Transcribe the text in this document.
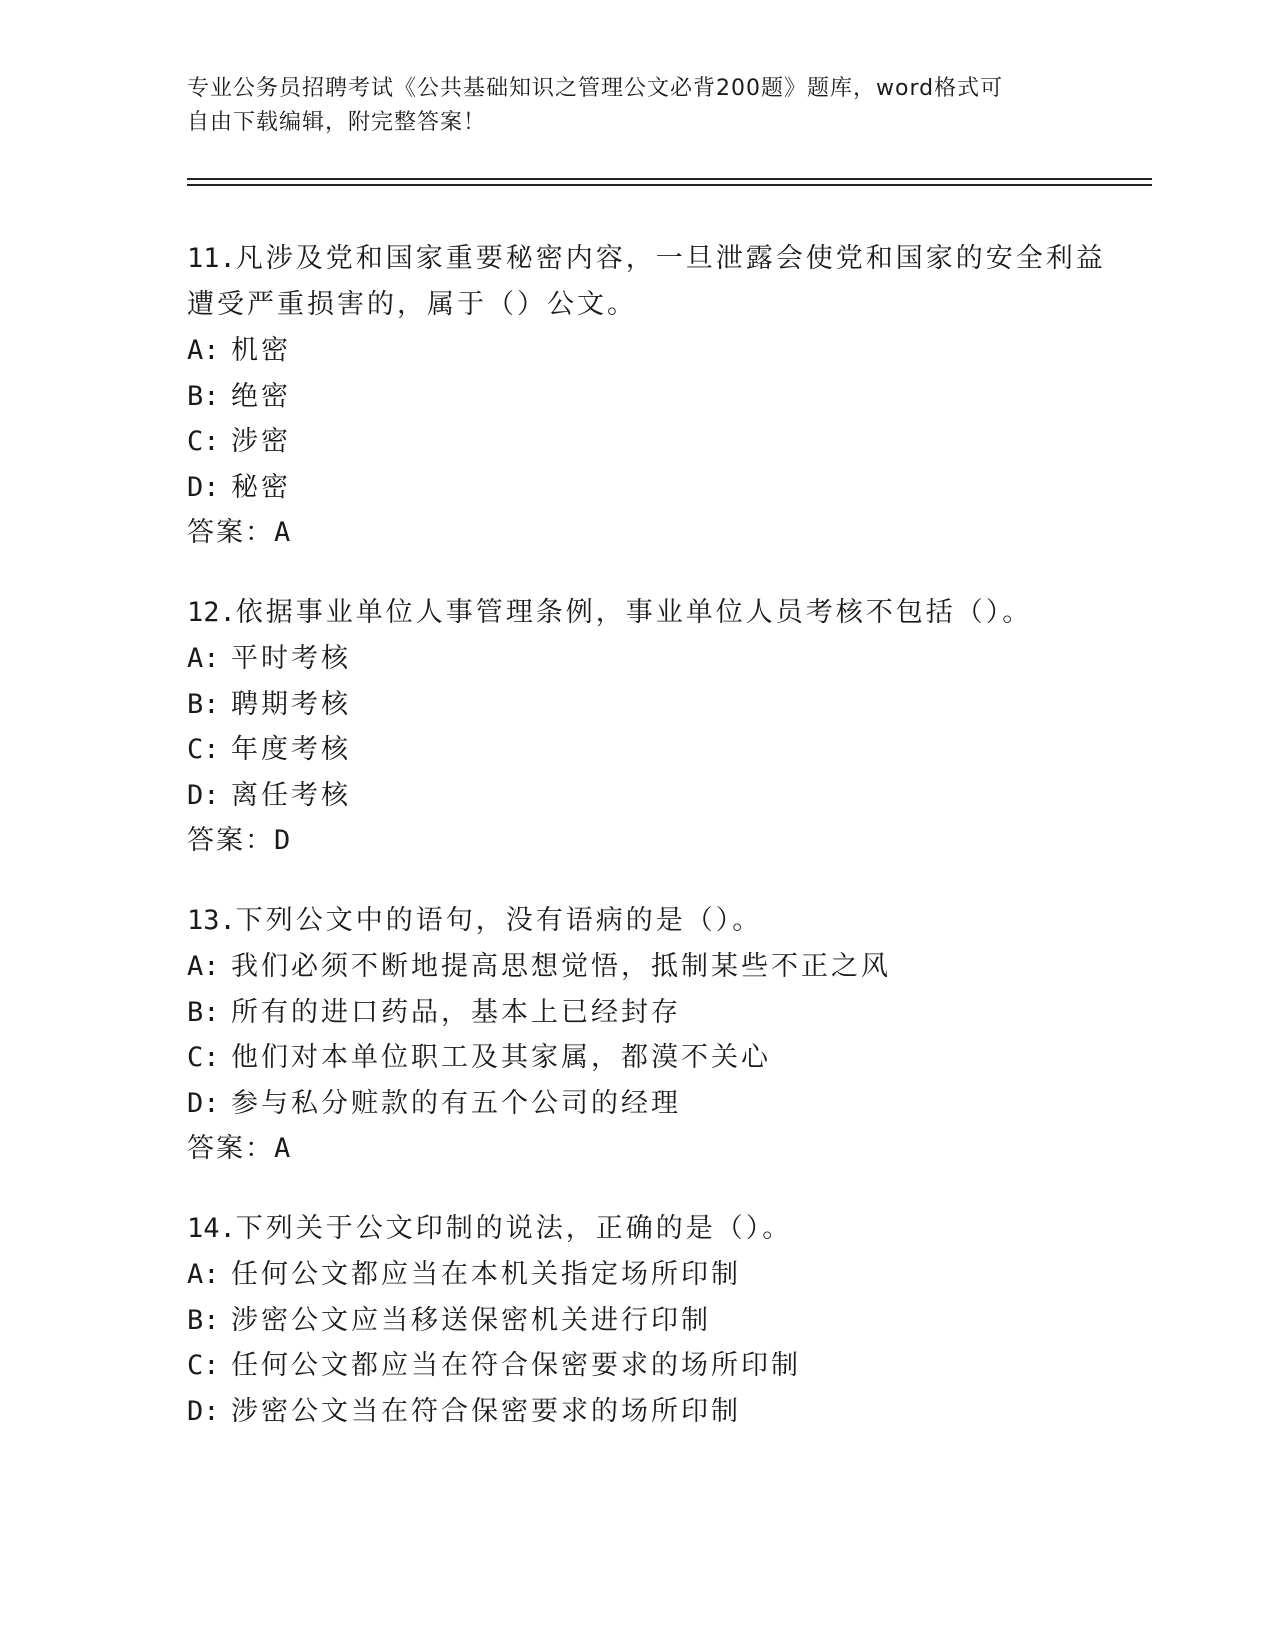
专业公务员招聘考试《公共基础知识之管理公文必背200题》题库，word格式可
自由下载编辑，附完整答案！
11.凡涉及党和国家重要秘密内容，一旦泄露会使党和国家的安全利益
遭受严重损害的，属于（）公文。
A: 机密
B: 绝密
C: 涉密
D: 秘密
答案：A
12.依据事业单位人事管理条例，事业单位人员考核不包括（）。
A: 平时考核
B: 聘期考核
C: 年度考核
D: 离任考核
答案：D
13.下列公文中的语句，没有语病的是（）。
A: 我们必须不断地提高思想觉悟，抵制某些不正之风
B: 所有的进口药品，基本上已经封存
C: 他们对本单位职工及其家属，都漠不关心
D: 参与私分赃款的有五个公司的经理
答案：A
14.下列关于公文印制的说法，正确的是（）。
A: 任何公文都应当在本机关指定场所印制
B: 涉密公文应当移送保密机关进行印制
C: 任何公文都应当在符合保密要求的场所印制
D: 涉密公文当在符合保密要求的场所印制
